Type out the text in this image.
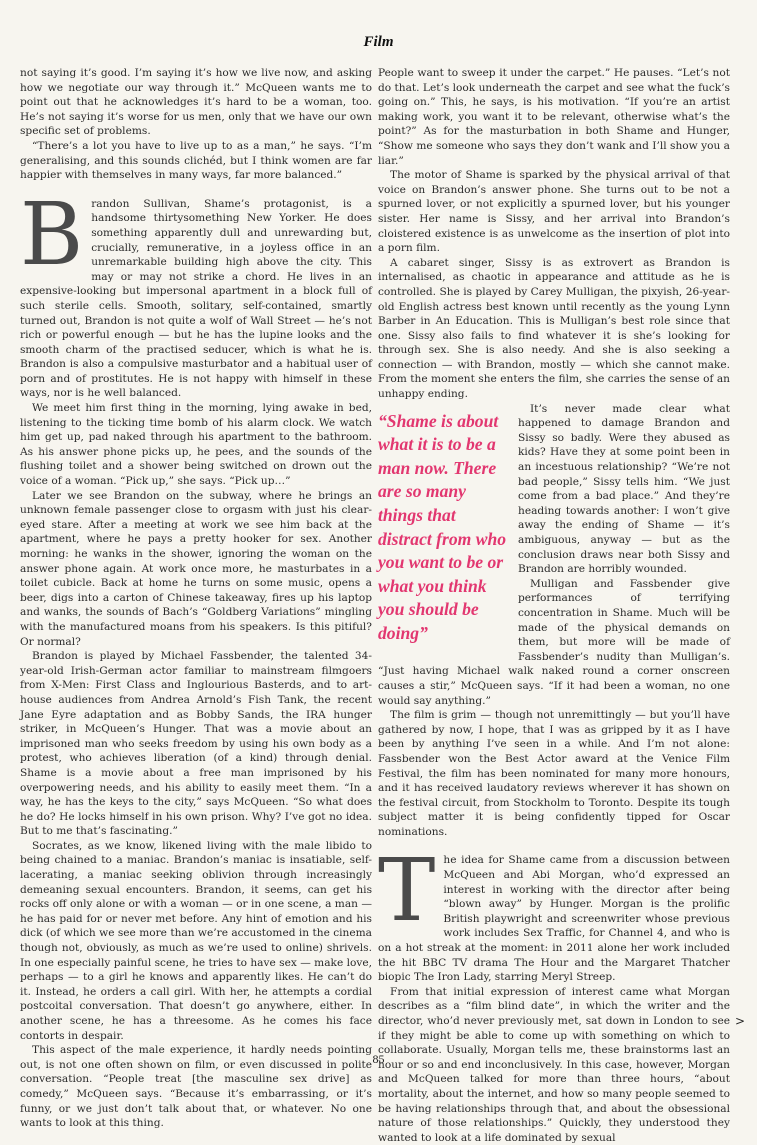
Film

not saying it’s good. I’m saying it’s how we live now, and asking how we negotiate our way through it.” McQueen wants me to point out that he acknowledges it’s hard to be a woman, too. He’s not saying it’s worse for us men, only that we have our own specific set of problems.

“There’s a lot you have to live up to as a man,” he says. “I’m generalising, and this sounds clichéd, but I think women are far happier with themselves in many ways, far more balanced.”

Brandon Sullivan, Shame’s protagonist, is a handsome thirtysomething New Yorker. He does something apparently dull and unrewarding but, crucially, remunerative, in a joyless office in an unremarkable building high above the city. This may or may not strike a chord. He lives in an expensive-looking but impersonal apartment in a block full of such sterile cells. Smooth, solitary, self-contained, smartly turned out, Brandon is not quite a wolf of Wall Street — he’s not rich or powerful enough — but he has the lupine looks and the smooth charm of the practised seducer, which is what he is. Brandon is also a compulsive masturbator and a habitual user of porn and of prostitutes. He is not happy with himself in these ways, nor is he well balanced.

We meet him first thing in the morning, lying awake in bed, listening to the ticking time bomb of his alarm clock. We watch him get up, pad naked through his apartment to the bathroom. As his answer phone picks up, he pees, and the sounds of the flushing toilet and a shower being switched on drown out the voice of a woman. “Pick up,” she says. “Pick up…”

Later we see Brandon on the subway, where he brings an unknown female passenger close to orgasm with just his clear-eyed stare. After a meeting at work we see him back at the apartment, where he pays a pretty hooker for sex. Another morning: he wanks in the shower, ignoring the woman on the answer phone again. At work once more, he masturbates in a toilet cubicle. Back at home he turns on some music, opens a beer, digs into a carton of Chinese takeaway, fires up his laptop and wanks, the sounds of Bach’s “Goldberg Variations” mingling with the manufactured moans from his speakers. Is this pitiful? Or normal?

Brandon is played by Michael Fassbender, the talented 34-year-old Irish-German actor familiar to mainstream filmgoers from X-Men: First Class and Inglourious Basterds, and to art-house audiences from Andrea Arnold’s Fish Tank, the recent Jane Eyre adaptation and as Bobby Sands, the IRA hunger striker, in McQueen’s Hunger. That was a movie about an imprisoned man who seeks freedom by using his own body as a protest, who achieves liberation (of a kind) through denial. Shame is a movie about a free man imprisoned by his overpowering needs, and his ability to easily meet them. “In a way, he has the keys to the city,” says McQueen. “So what does he do? He locks himself in his own prison. Why? I’ve got no idea. But to me that’s fascinating.”

Socrates, as we know, likened living with the male libido to being chained to a maniac. Brandon’s maniac is insatiable, self-lacerating, a maniac seeking oblivion through increasingly demeaning sexual encounters. Brandon, it seems, can get his rocks off only alone or with a woman — or in one scene, a man — he has paid for or never met before. Any hint of emotion and his dick (of which we see more than we’re accustomed in the cinema though not, obviously, as much as we’re used to online) shrivels. In one especially painful scene, he tries to have sex — make love, perhaps — to a girl he knows and apparently likes. He can’t do it. Instead, he orders a call girl. With her, he attempts a cordial postcoital conversation. That doesn’t go anywhere, either. In another scene, he has a threesome. As he comes his face contorts in despair.

This aspect of the male experience, it hardly needs pointing out, is not one often shown on film, or even discussed in polite conversation. “People treat [the masculine sex drive] as comedy,” McQueen says. “Because it’s embarrassing, or it’s funny, or we just don’t talk about that, or whatever. No one wants to look at this thing.

People want to sweep it under the carpet.” He pauses. “Let’s not do that. Let’s look underneath the carpet and see what the fuck’s going on.” This, he says, is his motivation. “If you’re an artist making work, you want it to be relevant, otherwise what’s the point?” As for the masturbation in both Shame and Hunger, “Show me someone who says they don’t wank and I’ll show you a liar.”

The motor of Shame is sparked by the physical arrival of that voice on Brandon’s answer phone. She turns out to be not a spurned lover, or not explicitly a spurned lover, but his younger sister. Her name is Sissy, and her arrival into Brandon’s cloistered existence is as unwelcome as the insertion of plot into a porn film.

A cabaret singer, Sissy is as extrovert as Brandon is internalised, as chaotic in appearance and attitude as he is controlled. She is played by Carey Mulligan, the pixyish, 26-year-old English actress best known until recently as the young Lynn Barber in An Education. This is Mulligan’s best role since that one. Sissy also fails to find whatever it is she’s looking for through sex. She is also needy. And she is also seeking a connection — with Brandon, mostly — which she cannot make. From the moment she enters the film, she carries the sense of an unhappy ending.

“Shame is about what it is to be a man now. There are so many things that distract from who you want to be or what you think you should be doing”

It’s never made clear what happened to damage Brandon and Sissy so badly. Were they abused as kids? Have they at some point been in an incestuous relationship? “We’re not bad people,” Sissy tells him. “We just come from a bad place.” And they’re heading towards another: I won’t give away the ending of Shame — it’s ambiguous, anyway — but as the conclusion draws near both Sissy and Brandon are horribly wounded.

Mulligan and Fassbender give performances of terrifying concentration in Shame. Much will be made of the physical demands on them, but more will be made of Fassbender’s nudity than Mulligan’s. “Just having Michael walk naked round a corner onscreen causes a stir,” McQueen says. “If it had been a woman, no one would say anything.”

The film is grim — though not unremittingly — but you’ll have gathered by now, I hope, that I was as gripped by it as I have been by anything I’ve seen in a while. And I’m not alone: Fassbender won the Best Actor award at the Venice Film Festival, the film has been nominated for many more honours, and it has received laudatory reviews wherever it has shown on the festival circuit, from Stockholm to Toronto. Despite its tough subject matter it is being confidently tipped for Oscar nominations.

The idea for Shame came from a discussion between McQueen and Abi Morgan, who’d expressed an interest in working with the director after being “blown away” by Hunger. Morgan is the prolific British playwright and screenwriter whose previous work includes Sex Traffic, for Channel 4, and who is on a hot streak at the moment: in 2011 alone her work included the hit BBC TV drama The Hour and the Margaret Thatcher biopic The Iron Lady, starring Meryl Streep.

From that initial expression of interest came what Morgan describes as a “film blind date”, in which the writer and the director, who’d never previously met, sat down in London to see if they might be able to come up with something on which to collaborate. Usually, Morgan tells me, these brainstorms last an hour or so and end inconclusively. In this case, however, Morgan and McQueen talked for more than three hours, “about mortality, about the internet, and how so many people seemed to be having relationships through that, and about the obsessional nature of those relationships.” Quickly, they understood they wanted to look at a life dominated by sexual

>
85
